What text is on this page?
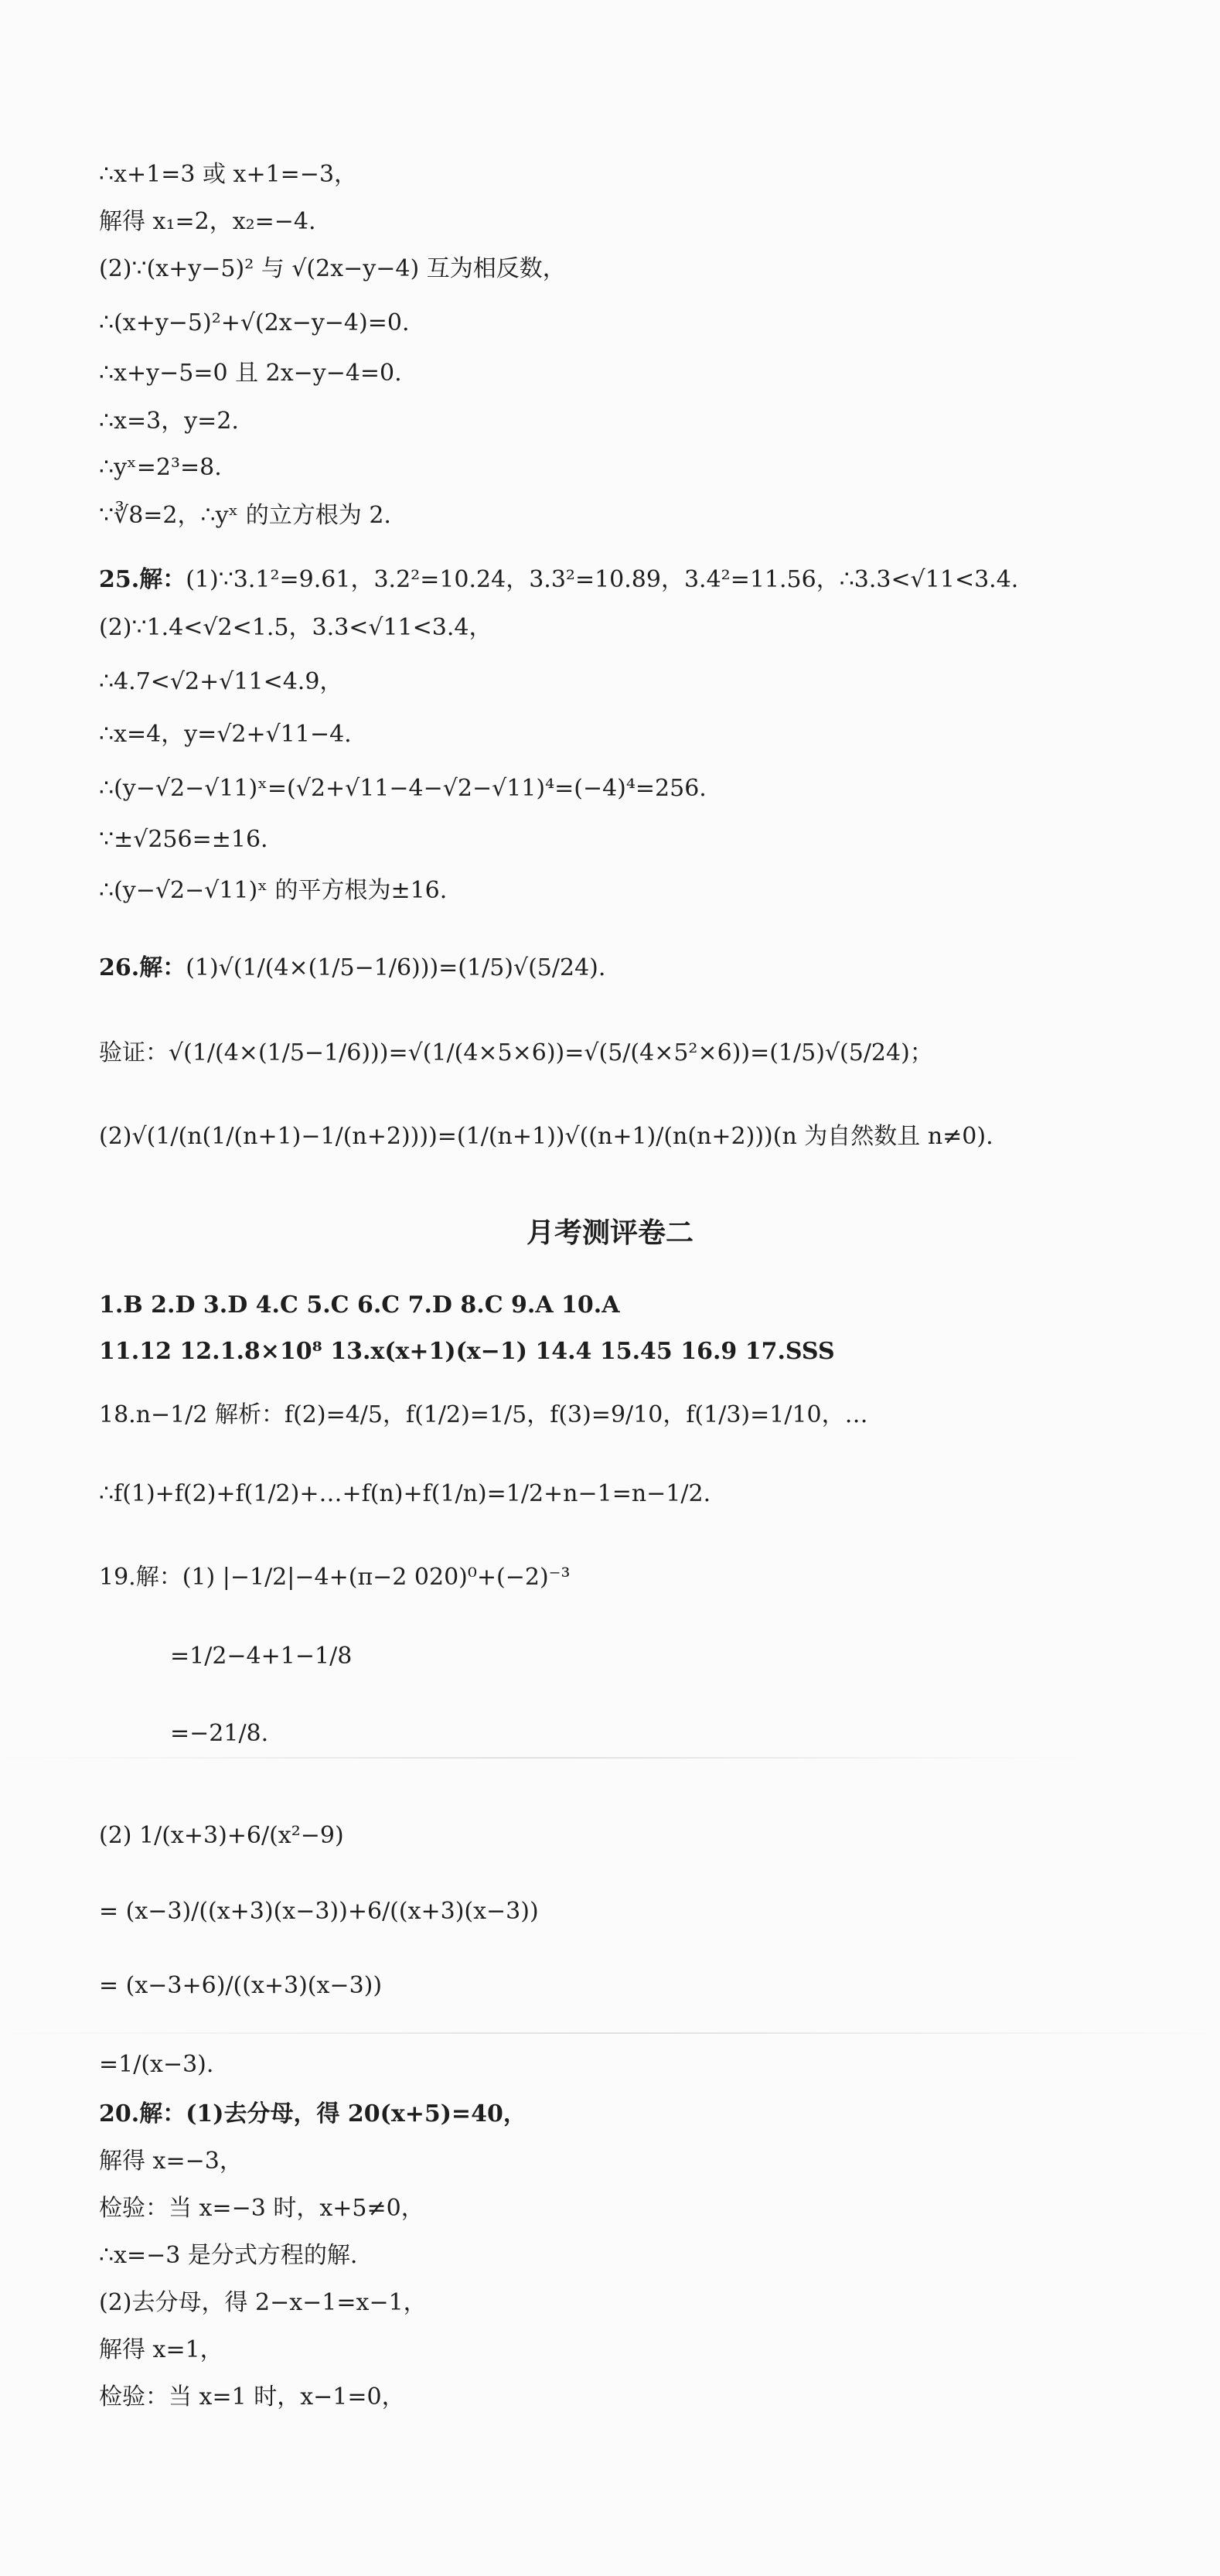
∴x+1=3 或 x+1=−3，
解得 x₁=2，x₂=−4.
(2)∵(x+y−5)² 与 √(2x−y−4) 互为相反数，
∴(x+y−5)²+√(2x−y−4)=0.
∴x+y−5=0 且 2x−y−4=0.
∴x=3，y=2.
∴yˣ=2³=8.
∵∛8=2，∴yˣ 的立方根为 2.
25.解：(1)∵3.1²=9.61，3.2²=10.24，3.3²=10.89，3.4²=11.56，∴3.3<√11<3.4.
(2)∵1.4<√2<1.5，3.3<√11<3.4，
∴4.7<√2+√11<4.9，
∴x=4，y=√2+√11−4.
∴(y−√2−√11)ˣ=(√2+√11−4−√2−√11)⁴=(−4)⁴=256.
∵±√256=±16.
∴(y−√2−√11)ˣ 的平方根为±16.
26.解：(1)√(1/(4×(1/5−1/6)))=(1/5)√(5/24).
验证：√(1/(4×(1/5−1/6)))=√(1/(4×5×6))=√(5/(4×5²×6))=(1/5)√(5/24)；
(2)√(1/(n(1/(n+1)−1/(n+2))))=(1/(n+1))√((n+1)/(n(n+2)))(n 为自然数且 n≠0).
月考测评卷二
1.B 2.D 3.D 4.C 5.C 6.C 7.D 8.C 9.A 10.A
11.12 12.1.8×10⁸ 13.x(x+1)(x−1) 14.4 15.45 16.9 17.SSS
18.n−1/2 解析：f(2)=4/5，f(1/2)=1/5，f(3)=9/10，f(1/3)=1/10，…
∴f(1)+f(2)+f(1/2)+…+f(n)+f(1/n)=1/2+n−1=n−1/2.
19.解：(1) |−1/2|−4+(π−2 020)⁰+(−2)⁻³
=1/2−4+1−1/8
=−21/8.
(2) 1/(x+3)+6/(x²−9)
= (x−3)/((x+3)(x−3))+6/((x+3)(x−3))
= (x−3+6)/((x+3)(x−3))
=1/(x−3).
20.解：(1)去分母，得 20(x+5)=40，
解得 x=−3，
检验：当 x=−3 时，x+5≠0，
∴x=−3 是分式方程的解.
(2)去分母，得 2−x−1=x−1，
解得 x=1，
检验：当 x=1 时，x−1=0，
